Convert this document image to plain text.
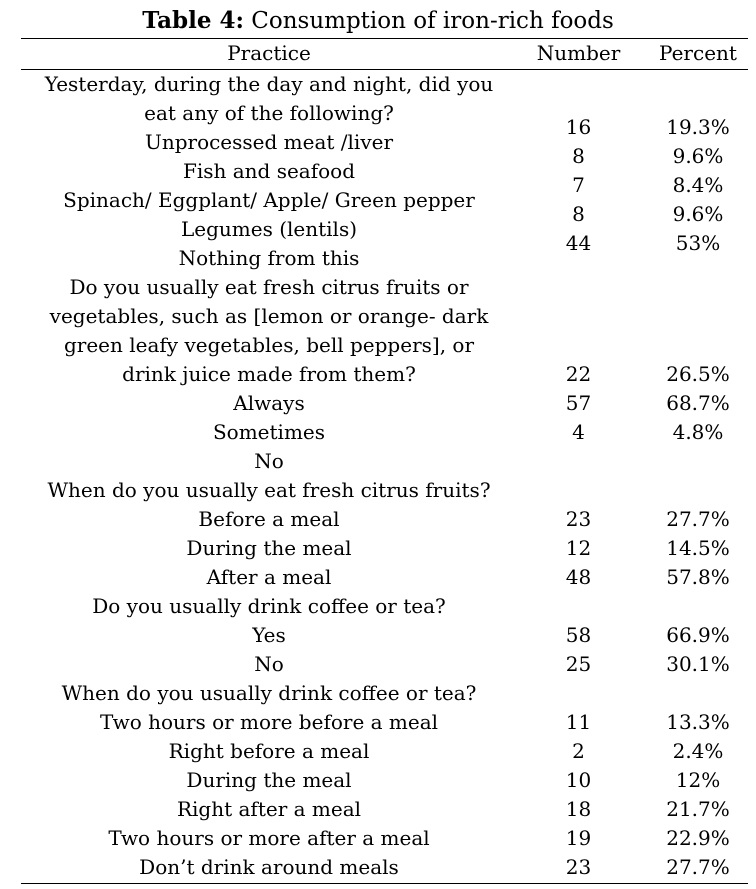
Table 4: Consumption of iron-rich foods
Practice	Number	Percent
Yesterday, during the day and night, did you
eat any of the following?
Unprocessed meat /liver
Fish and seafood
Spinach/ Eggplant/ Apple/ Green pepper
Legumes (lentils)
Nothing from this
16
8
7
8
44
19.3%
9.6%
8.4%
9.6%
53%
Do you usually eat fresh citrus fruits or
vegetables, such as [lemon or orange- dark
green leafy vegetables, bell peppers], or
drink juice made from them?
Always
Sometimes
No
22
57
4
26.5%
68.7%
4.8%
When do you usually eat fresh citrus fruits?
Before a meal
During the meal
After a meal
23
12
48
27.7%
14.5%
57.8%
Do you usually drink coffee or tea?
Yes
No
58
25
66.9%
30.1%
When do you usually drink coffee or tea?
Two hours or more before a meal
Right before a meal
During the meal
Right after a meal
Two hours or more after a meal
Don’t drink around meals
11
2
10
18
19
23
13.3%
2.4%
12%
21.7%
22.9%
27.7%
